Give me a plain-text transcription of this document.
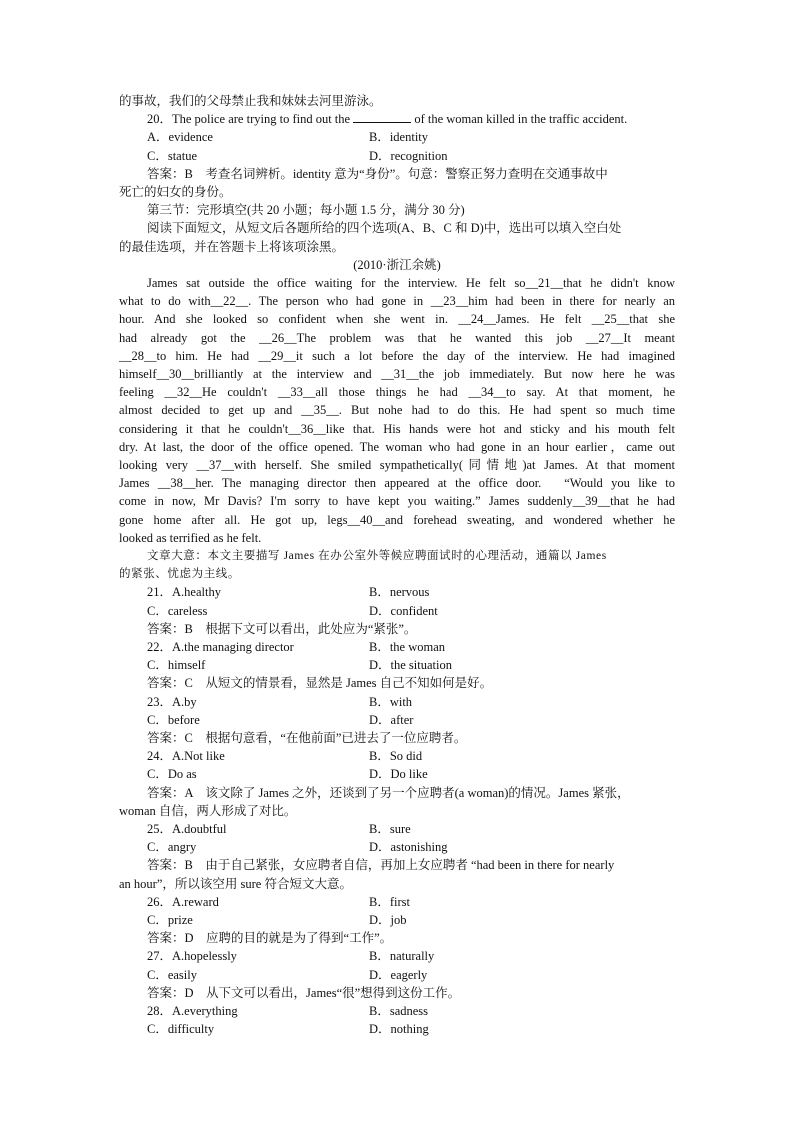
的事故，我们的父母禁止我和妹妹去河里游泳。
20．The police are trying to find out the	of the woman killed in the traffic accident.
A．evidence	B．identity
C．statue	D．recognition
答案：B　考查名词辨析。identity 意为“身份”。句意：警察正努力查明在交通事故中
死亡的妇女的身份。
第三节：完形填空(共 20 小题；每小题 1.5 分，满分 30 分)
阅读下面短文，从短文后各题所给的四个选项(A、B、C 和 D)中，选出可以填入空白处
的最佳选项，并在答题卡上将该项涂黑。
(2010·浙江余姚)
James sat outside the office waiting for the interview. He felt so__21__that he didn't know
what to do with__22__. The person who had gone in __23__him had been in there for nearly an
hour. And she looked so confident when she went in. __24__James. He felt __25__that she
had already got the __26__The problem was that he wanted this job __27__It meant
__28__to him. He had __29__it such a lot before the day of the interview. He had imagined
himself__30__brilliantly at the interview and __31__the job immediately. But now here he was
feeling __32__He couldn't __33__all those things he had __34__to say. At that moment, he
almost decided to get up and __35__. But nohe had to do this. He had spent so much time
considering it that he couldn't__36__like that. His hands were hot and sticky and his mouth felt
dry. At last, the door of the office opened. The woman who had gone in an hour earlier，came out
looking very __37__with herself. She smiled sympathetically(同情地)at James. At that moment
James __38__her. The managing director then appeared at the office door.　“Would you like to
come in now, Mr Davis? I'm sorry to have kept you waiting.” James suddenly__39__that he had
gone home after all. He got up, legs__40__and forehead sweating, and wondered whether he
looked as terrified as he felt.
文章大意：本文主要描写 James 在办公室外等候应聘面试时的心理活动，通篇以 James
的紧张、忧虑为主线。
21．A.healthy	B．nervous
C．careless	D．confident
答案：B　根据下文可以看出，此处应为“紧张”。
22．A.the managing director	B．the woman
C．himself	D．the situation
答案：C　从短文的情景看，显然是 James 自己不知如何是好。
23．A.by	B．with
C．before	D．after
答案：C　根据句意看，“在他前面”已进去了一位应聘者。
24．A.Not like	B．So did
C．Do as	D．Do like
答案：A　该文除了 James 之外，还谈到了另一个应聘者(a woman)的情况。James 紧张，
woman 自信，两人形成了对比。
25．A.doubtful	B．sure
C．angry	D．astonishing
答案：B　由于自己紧张，女应聘者自信，再加上女应聘者 “had been in there for nearly
an hour”，所以该空用 sure 符合短文大意。
26．A.reward	B．first
C．prize	D．job
答案：D　应聘的目的就是为了得到“工作”。
27．A.hopelessly	B．naturally
C．easily	D．eagerly
答案：D　从下文可以看出，James“很”想得到这份工作。
28．A.everything	B．sadness
C．difficulty	D．nothing
